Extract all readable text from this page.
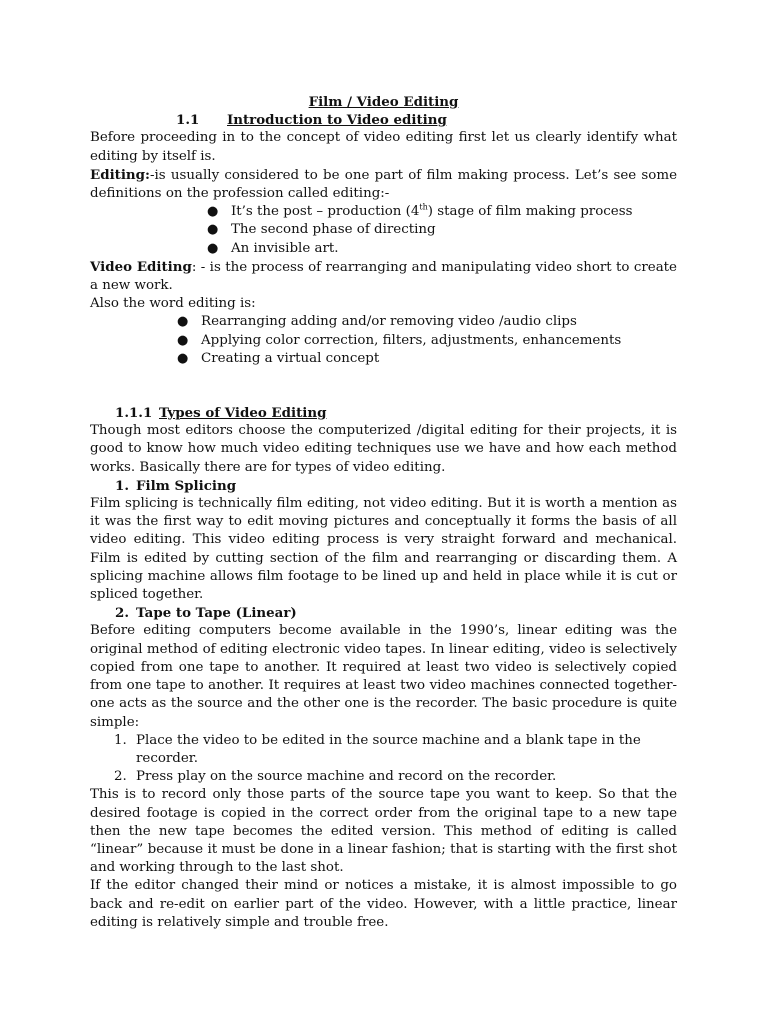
Film / Video Editing

1.1 Introduction to Video editing

Before proceeding in to the concept of video editing first let us clearly identify what editing by itself is.

Editing:-is usually considered to be one part of film making process. Let’s see some definitions on the profession called editing:-

● It’s the post – production (4th) stage of film making process
● The second phase of directing
● An invisible art.

Video Editing: - is the process of rearranging and manipulating video short to create a new work.

Also the word editing is:

● Rearranging adding and/or removing video /audio clips
● Applying color correction, filters, adjustments, enhancements
● Creating a virtual concept

1.1.1 Types of Video Editing

Though most editors choose the computerized /digital editing for their projects, it is good to know how much video editing techniques use we have and how each method works. Basically there are for types of video editing.

1. Film Splicing

Film splicing is technically film editing, not video editing. But it is worth a mention as it was the first way to edit moving pictures and conceptually it forms the basis of all video editing. This video editing process is very straight forward and mechanical. Film is edited by cutting section of the film and rearranging or discarding them. A splicing machine allows film footage to be lined up and held in place while it is cut or spliced together.

2. Tape to Tape (Linear)

Before editing computers become available in the 1990’s, linear editing was the original method of editing electronic video tapes. In linear editing, video is selectively copied from one tape to another. It required at least two video is selectively copied from one tape to another. It requires at least two video machines connected together- one acts as the source and the other one is the recorder. The basic procedure is quite simple:

1. Place the video to be edited in the source machine and a blank tape in the recorder.
2. Press play on the source machine and record on the recorder.

This is to record only those parts of the source tape you want to keep. So that the desired footage is copied in the correct order from the original tape to a new tape then the new tape becomes the edited version. This method of editing is called “linear” because it must be done in a linear fashion; that is starting with the first shot and working through to the last shot.

If the editor changed their mind or notices a mistake, it is almost impossible to go back and re-edit on earlier part of the video. However, with a little practice, linear editing is relatively simple and trouble free.
